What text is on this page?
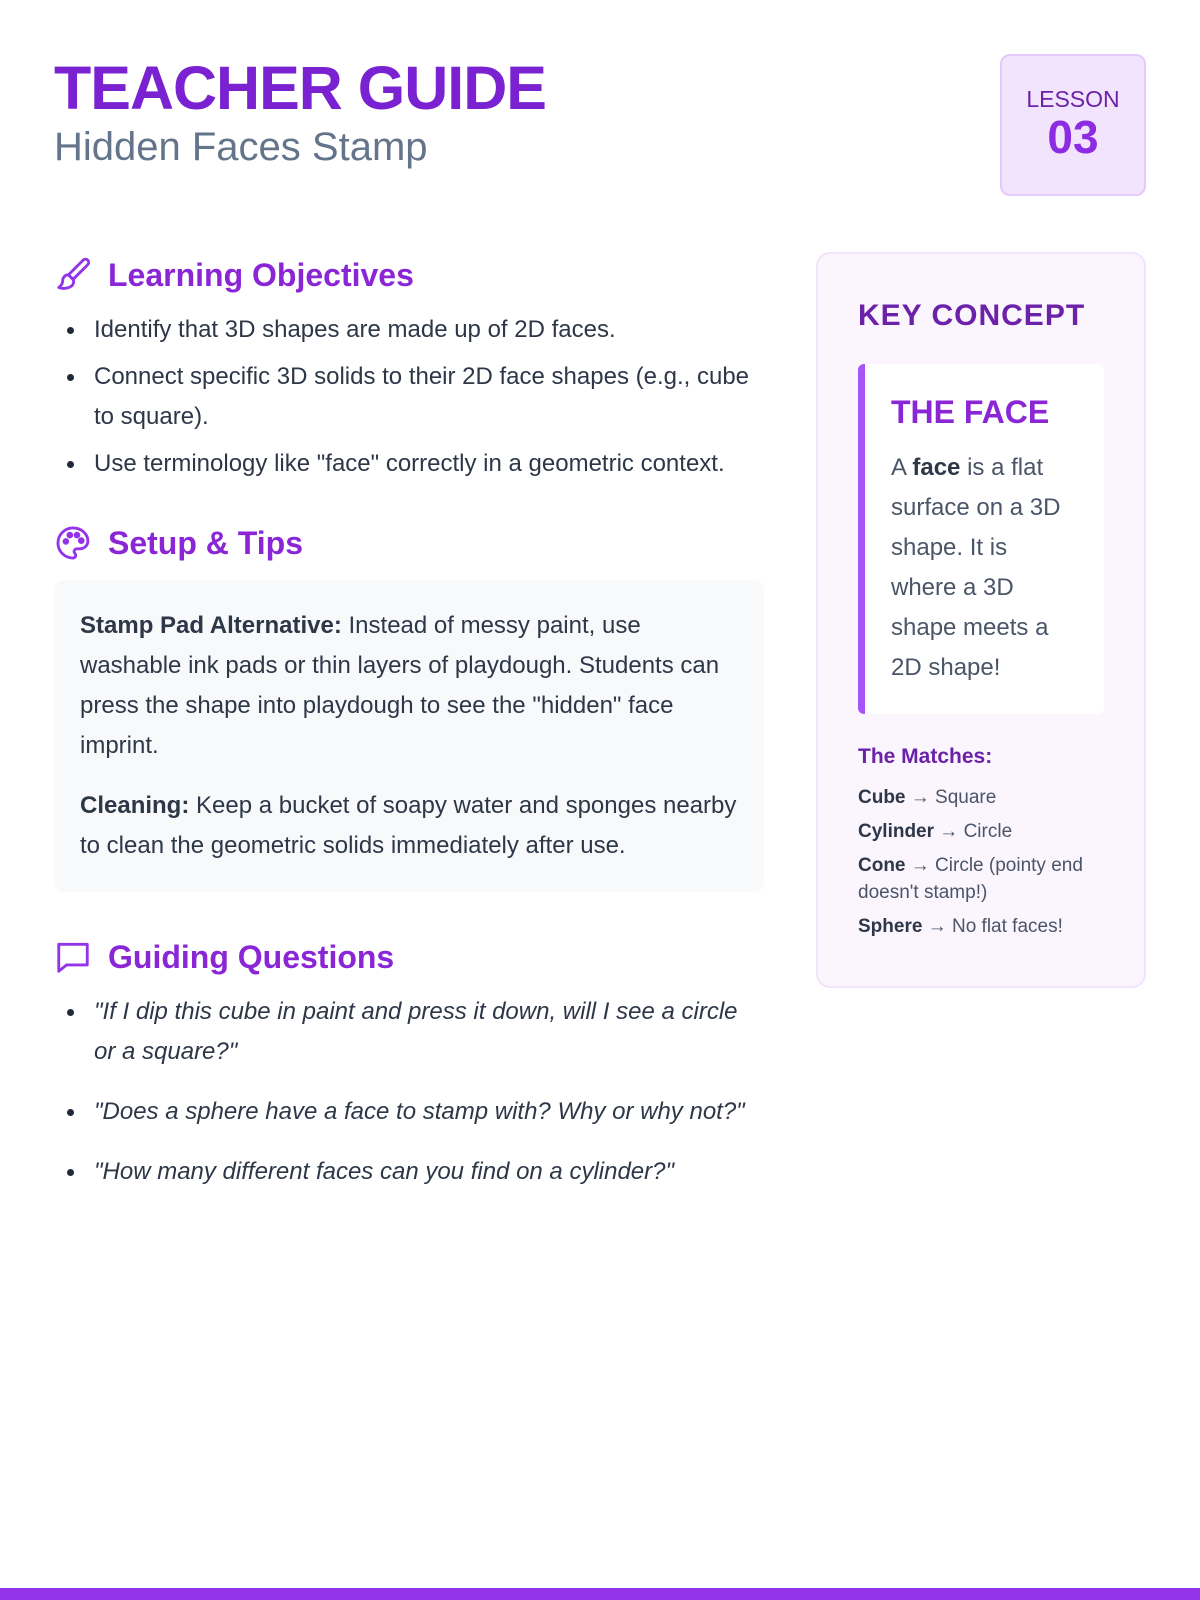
TEACHER GUIDE
Hidden Faces Stamp
LESSON
03
Learning Objectives
Identify that 3D shapes are made up of 2D faces.
Connect specific 3D solids to their 2D face shapes (e.g., cube to square).
Use terminology like "face" correctly in a geometric context.
Setup & Tips

Stamp Pad Alternative: Instead of messy paint, use washable ink pads or thin layers of playdough. Students can press the shape into playdough to see the "hidden" face imprint.

Cleaning: Keep a bucket of soapy water and sponges nearby to clean the geometric solids immediately after use.

Guiding Questions
"If I dip this cube in paint and press it down, will I see a circle or a square?"
"Does a sphere have a face to stamp with? Why or why not?"
"How many different faces can you find on a cylinder?"
KEY CONCEPT
THE FACE

A face is a flat surface on a 3D shape. It is where a 3D shape meets a 2D shape!

The Matches:
Cube → Square
Cylinder → Circle
Cone → Circle (pointy end doesn't stamp!)
Sphere → No flat faces!
